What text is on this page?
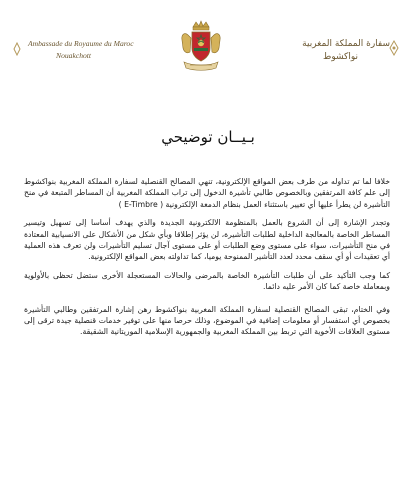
Ambassade du Royaume du Maroc
Nouakchott
سفارة المملكة المغربية
نواكشوط
بـيــان توضيحي

خلافا لما تم تداوله من طرف بعض المواقع الإلكترونية، تنهي المصالح القنصلية لسفارة المملكة المغربية بنواكشوط إلى علم كافة المرتفقين وبالخصوص طالبي تأشيرة الدخول إلى تراب المملكة المغربية أن المساطر المتبعة في منح التأشيرة لن يطرأ عليها أي تغيير باستثناء العمل بنظام الدمغة الإلكترونية ( E-Timbre )

وتجدر الإشارة إلى أن الشروع بالعمل بالمنظومة الالكترونية الجديدة والذي يهدف أساسا إلى تسهيل وتيسير المساطر الخاصة بالمعالجة الداخلية لطلبات التأشيرة، لن يؤثر إطلاقا وبأي شكل من الأشكال على الانسيابية المعتادة في منح التأشيرات، سواء على مستوى وضع الطلبات أو على مستوى آجال تسليم التأشيرات ولن تعرف هذه العملية أي تعقيدات أو أي سقف محدد لعدد التأشير الممنوحة يوميا، كما تداولته بعض المواقع الإلكترونية.

كما وجب التأكيد على أن طلبات التأشيرة الخاصة بالمرضى والحالات المستعجلة الأخرى ستضل تحظى بالأولوية وبمعاملة خاصة كما كان الأمر عليه دائما.

وفي الختام، تبقى المصالح القنصلية لسفارة المملكة المغربية بنواكشوط رهن إشارة المرتفقين وطالبي التأشيرة بخصوص أي استفسار أو معلومات إضافية في الموضوع، وذلك حرصا منها على توفير خدمات قنصلية جيدة ترقى إلى مستوى العلاقات الأخوية التي تربط بين المملكة المغربية والجمهورية الإسلامية الموريتانية الشقيقة.
